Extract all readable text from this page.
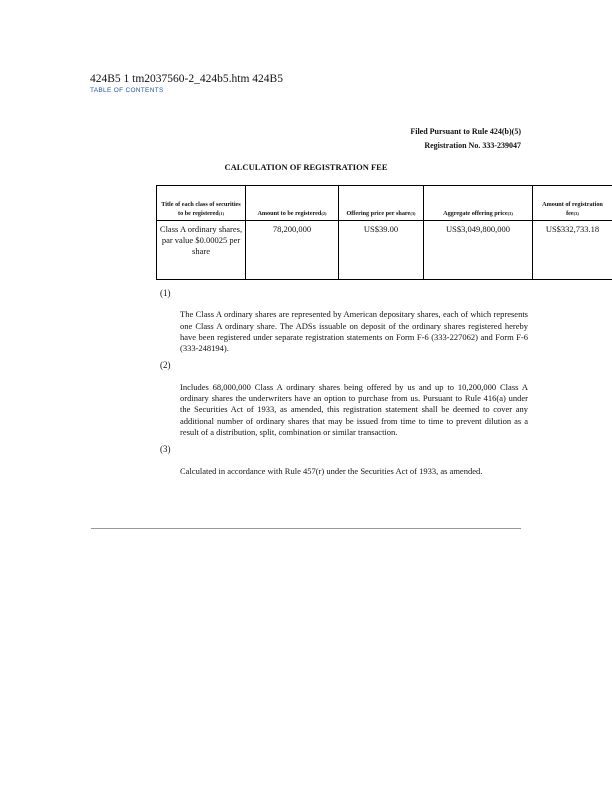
424B5 1 tm2037560-2_424b5.htm 424B5
TABLE OF CONTENTS
Filed Pursuant to Rule 424(b)(5)
Registration No. 333-239047
CALCULATION OF REGISTRATION FEE
Title of each class of securities to be registered(1)	Amount to be registered(2)	Offering price per share(3)	Aggregate offering price(3)	Amount of registration fee(3)
Class A ordinary shares, par value $0.00025 per share	78,200,000	US$39.00	US$3,049,800,000	US$332,733.18
(1)
The Class A ordinary shares are represented by American depositary shares, each of which represents one Class A ordinary share. The ADSs issuable on deposit of the ordinary shares registered hereby have been registered under separate registration statements on Form F-6 (333-227062) and Form F-6 (333-248194).
(2)
Includes 68,000,000 Class A ordinary shares being offered by us and up to 10,200,000 Class A ordinary shares the underwriters have an option to purchase from us. Pursuant to Rule 416(a) under the Securities Act of 1933, as amended, this registration statement shall be deemed to cover any additional number of ordinary shares that may be issued from time to time to prevent dilution as a result of a distribution, split, combination or similar transaction.
(3)
Calculated in accordance with Rule 457(r) under the Securities Act of 1933, as amended.
